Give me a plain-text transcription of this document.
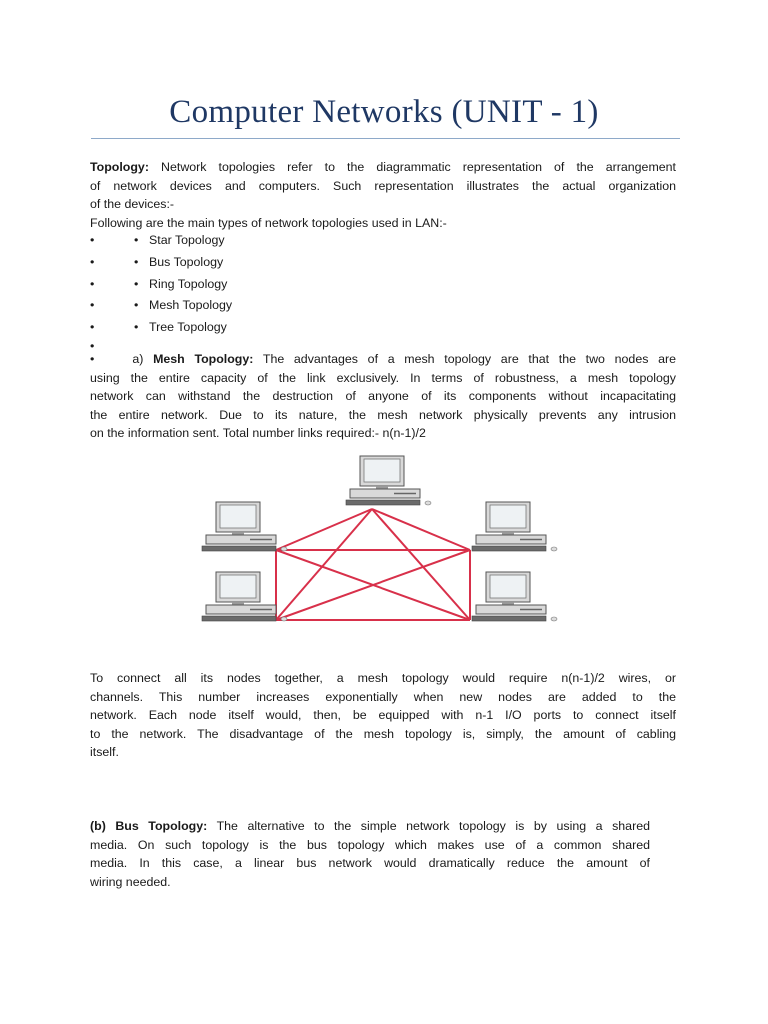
Computer Networks (UNIT - 1)
Topology: Network topologies refer to the diagrammatic representation of the arrangement
of network devices and computers. Such representation illustrates the actual organization
of the devices:-
Following are the main types of network topologies used in LAN:-
•	• Star Topology
•	• Bus Topology
•	• Ring Topology
•	• Mesh Topology
•	• Tree Topology
•
•	a) Mesh Topology: The advantages of a mesh topology are that the two nodes are
using the entire capacity of the link exclusively. In terms of robustness, a mesh topology
network can withstand the destruction of anyone of its components without incapacitating
the entire network. Due to its nature, the mesh network physically prevents any intrusion
on the information sent. Total number links required:- n(n-1)/2
To connect all its nodes together, a mesh topology would require n(n-1)/2 wires, or
channels. This number increases exponentially when new nodes are added to the
network. Each node itself would, then, be equipped with n-1 I/O ports to connect itself
to the network. The disadvantage of the mesh topology is, simply, the amount of cabling
itself.
(b) Bus Topology: The alternative to the simple network topology is by using a shared
media. On such topology is the bus topology which makes use of a common shared
media. In this case, a linear bus network would dramatically reduce the amount of
wiring needed.
